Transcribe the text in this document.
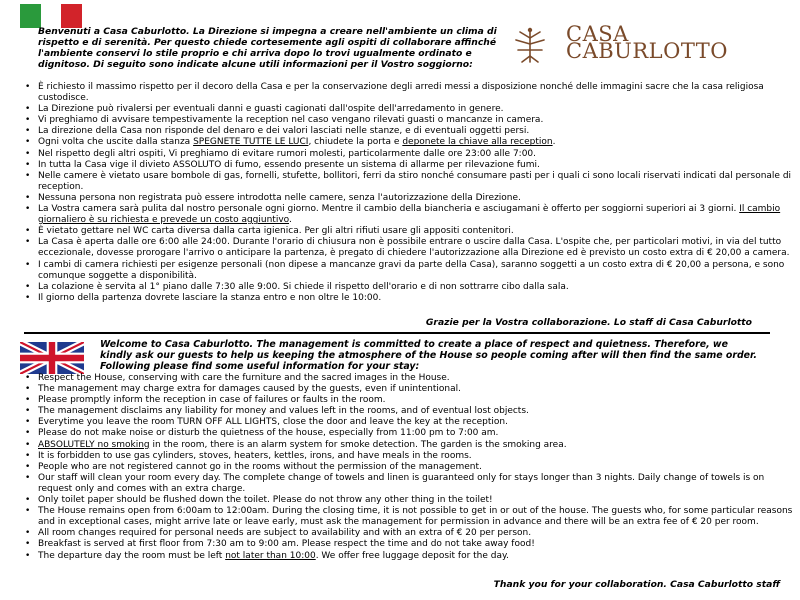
CASA
CABURLOTTO
Benvenuti a Casa Caburlotto. La Direzione si impegna a creare nell'ambiente un clima di rispetto e di serenità. Per questo chiede cortesemente agli ospiti di collaborare affinché l'ambiente conservi lo stile proprio e chi arriva dopo lo trovi ugualmente ordinato e dignitoso. Di seguito sono indicate alcune utili informazioni per il Vostro soggiorno:
• È richiesto il massimo rispetto per il decoro della Casa e per la conservazione degli arredi messi a disposizione nonché delle immagini sacre che la casa religiosa custodisce.
• La Direzione può rivalersi per eventuali danni e guasti cagionati dall'ospite dell'arredamento in genere.
• Vi preghiamo di avvisare tempestivamente la reception nel caso vengano rilevati guasti o mancanze in camera.
• La direzione della Casa non risponde del denaro e dei valori lasciati nelle stanze, e di eventuali oggetti persi.
• Ogni volta che uscite dalla stanza SPEGNETE TUTTE LE LUCI, chiudete la porta e deponete la chiave alla reception.
• Nel rispetto degli altri ospiti, Vi preghiamo di evitare rumori molesti, particolarmente dalle ore 23:00 alle 7:00.
• In tutta la Casa vige il divieto ASSOLUTO di fumo, essendo presente un sistema di allarme per rilevazione fumi.
• Nelle camere è vietato usare bombole di gas, fornelli, stufette, bollitori, ferri da stiro nonché consumare pasti per i quali ci sono locali riservati indicati dal personale di reception.
• Nessuna persona non registrata può essere introdotta nelle camere, senza l'autorizzazione della Direzione.
• La Vostra camera sarà pulita dal nostro personale ogni giorno. Mentre il cambio della biancheria e asciugamani è offerto per soggiorni superiori ai 3 giorni. Il cambio giornaliero è su richiesta e prevede un costo aggiuntivo.
• È vietato gettare nel WC carta diversa dalla carta igienica. Per gli altri rifiuti usare gli appositi contenitori.
• La Casa è aperta dalle ore 6:00 alle 24:00. Durante l'orario di chiusura non è possibile entrare o uscire dalla Casa. L'ospite che, per particolari motivi, in via del tutto eccezionale, dovesse prorogare l'arrivo o anticipare la partenza, è pregato di chiedere l'autorizzazione alla Direzione ed è previsto un costo extra di € 20,00 a camera.
• I cambi di camera richiesti per esigenze personali (non dipese a mancanze gravi da parte della Casa), saranno soggetti a un costo extra di € 20,00 a persona, e sono comunque soggette a disponibilità.
• La colazione è servita al 1° piano dalle 7:30 alle 9:00. Si chiede il rispetto dell'orario e di non sottrarre cibo dalla sala.
• Il giorno della partenza dovrete lasciare la stanza entro e non oltre le 10:00.
Grazie per la Vostra collaborazione. Lo staff di Casa Caburlotto
Welcome to Casa Caburlotto. The management is committed to create a place of respect and quietness. Therefore, we kindly ask our guests to help us keeping the atmosphere of the House so people coming after will then find the same order. Following please find some useful information for your stay:
• Respect the House, conserving with care the furniture and the sacred images in the House.
• The management may charge extra for damages caused by the guests, even if unintentional.
• Please promptly inform the reception in case of failures or faults in the room.
• The management disclaims any liability for money and values left in the rooms, and of eventual lost objects.
• Everytime you leave the room TURN OFF ALL LIGHTS, close the door and leave the key at the reception.
• Please do not make noise or disturb the quietness of the house, especially from 11:00 pm to 7:00 am.
• ABSOLUTELY no smoking in the room, there is an alarm system for smoke detection. The garden is the smoking area.
• It is forbidden to use gas cylinders, stoves, heaters, kettles, irons, and have meals in the rooms.
• People who are not registered cannot go in the rooms without the permission of the management.
• Our staff will clean your room every day. The complete change of towels and linen is guaranteed only for stays longer than 3 nights. Daily change of towels is on request only and comes with an extra charge.
• Only toilet paper should be flushed down the toilet. Please do not throw any other thing in the toilet!
• The House remains open from 6:00am to 12:00am. During the closing time, it is not possible to get in or out of the house. The guests who, for some particular reasons and in exceptional cases, might arrive late or leave early, must ask the management for permission in advance and there will be an extra fee of € 20 per room.
• All room changes required for personal needs are subject to availability and with an extra of € 20 per person.
• Breakfast is served at first floor from 7:30 am to 9:00 am. Please respect the time and do not take away food!
• The departure day the room must be left not later than 10:00. We offer free luggage deposit for the day.
Thank you for your collaboration. Casa Caburlotto staff
